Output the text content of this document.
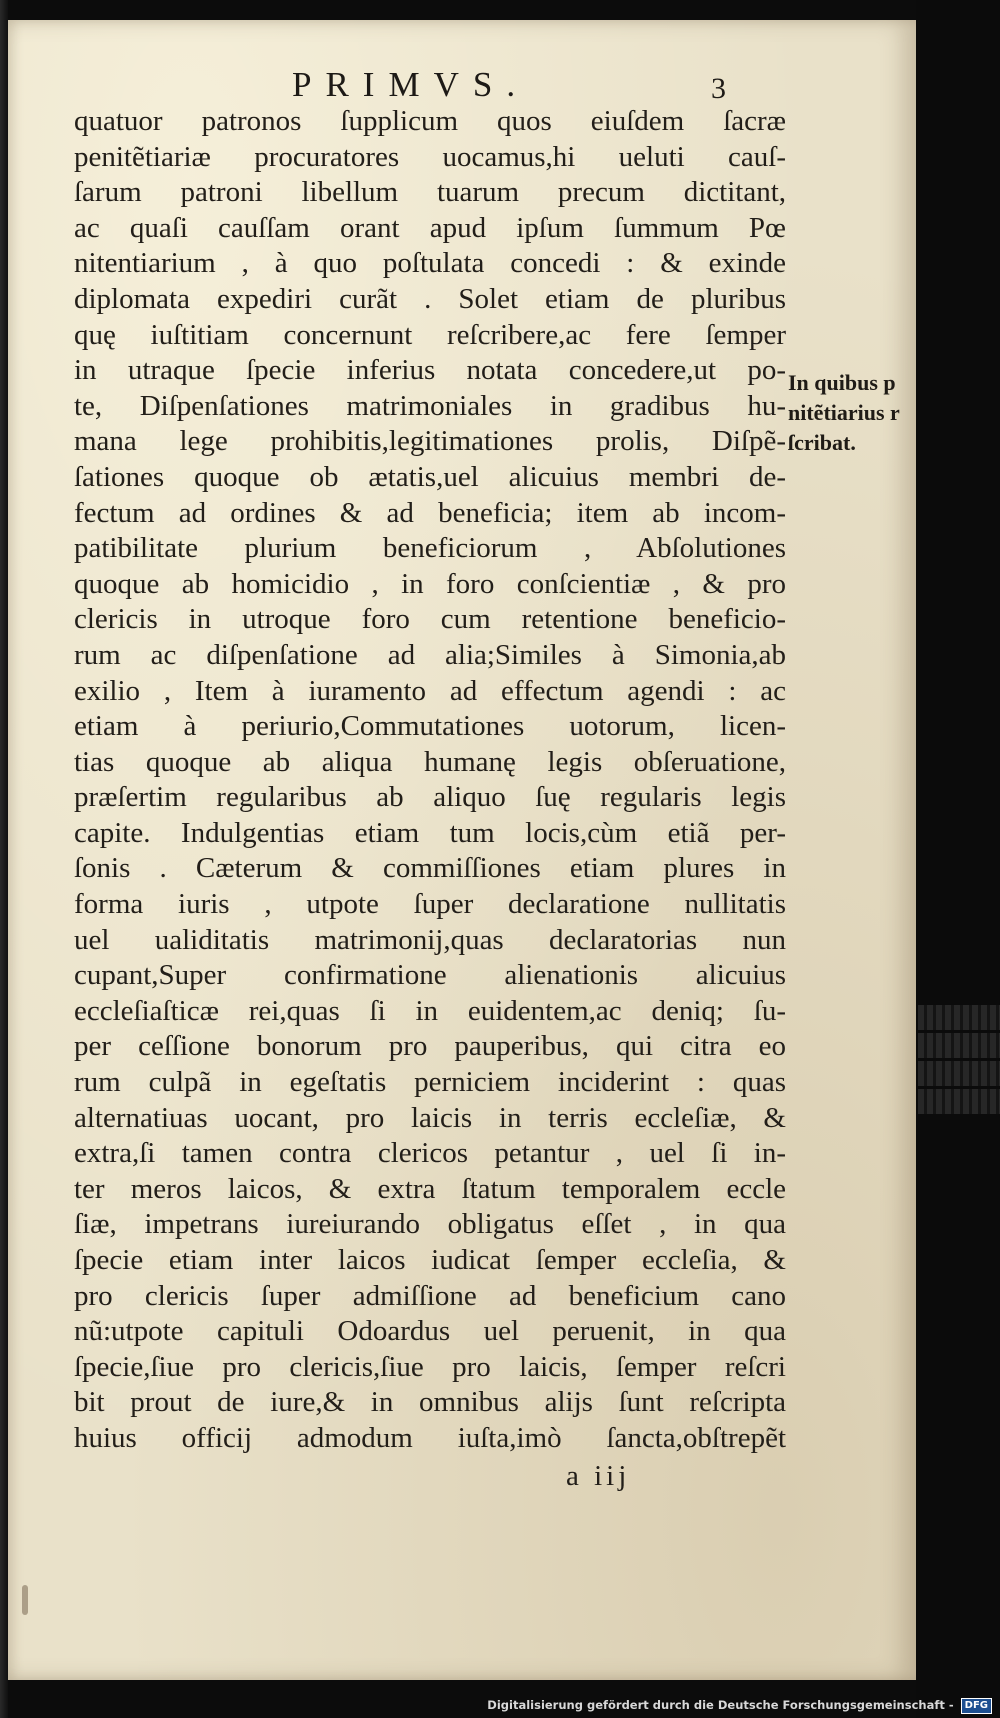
PRIMVS.	3
quatuor patronos ſupplicum quos eiuſdem ſacræ
penitẽtiariæ procuratores uocamus,hi ueluti cauſ-
ſarum patroni libellum tuarum precum dictitant,
ac quaſi cauſſam orant apud ipſum ſummum Pœ
nitentiarium , à quo poſtulata concedi : & exinde
diplomata expediri curãt . Solet etiam de pluribus
quę iuſtitiam concernunt reſcribere,ac fere ſemper
in utraque ſpecie inferius notata concedere,ut po-
te, Diſpenſationes matrimoniales in gradibus hu-
mana lege prohibitis,legitimationes prolis, Diſpẽ-
ſationes quoque ob ætatis,uel alicuius membri de-
fectum ad ordines & ad beneficia; item ab incom-
patibilitate plurium beneficiorum , Abſolutiones
quoque ab homicidio , in foro conſcientiæ , & pro
clericis in utroque foro cum retentione beneficio-
rum ac diſpenſatione ad alia;Similes à Simonia,ab
exilio , Item à iuramento ad effectum agendi : ac
etiam à periurio,Commutationes uotorum, licen-
tias quoque ab aliqua humanę legis obſeruatione,
præſertim regularibus ab aliquo ſuę regularis legis
capite. Indulgentias etiam tum locis,cùm etiã per-
ſonis . Cæterum & commiſſiones etiam plures in
forma iuris , utpote ſuper declaratione nullitatis
uel ualiditatis matrimonij,quas declaratorias nun
cupant,Super confirmatione alienationis alicuius
eccleſiaſticæ rei,quas ſi in euidentem,ac deniq; ſu-
per ceſſione bonorum pro pauperibus, qui citra eo
rum culpã in egeſtatis perniciem inciderint : quas
alternatiuas uocant, pro laicis in terris eccleſiæ, &
extra,ſi tamen contra clericos petantur , uel ſi in-
ter meros laicos, & extra ſtatum temporalem eccle
ſiæ, impetrans iureiurando obligatus eſſet , in qua
ſpecie etiam inter laicos iudicat ſemper eccleſia, &
pro clericis ſuper admiſſione ad beneficium cano
nũ:utpote capituli Odoardus uel peruenit, in qua
ſpecie,ſiue pro clericis,ſiue pro laicis, ſemper reſcri
bit prout de iure,& in omnibus alijs ſunt reſcripta
huius officij admodum iuſta,imò ſancta,obſtrepẽt
a iij
In quibus p
nitẽtiarius r
ſcribat.
Digitalisierung gefördert durch die Deutsche Forschungsgemeinschaft - DFG
